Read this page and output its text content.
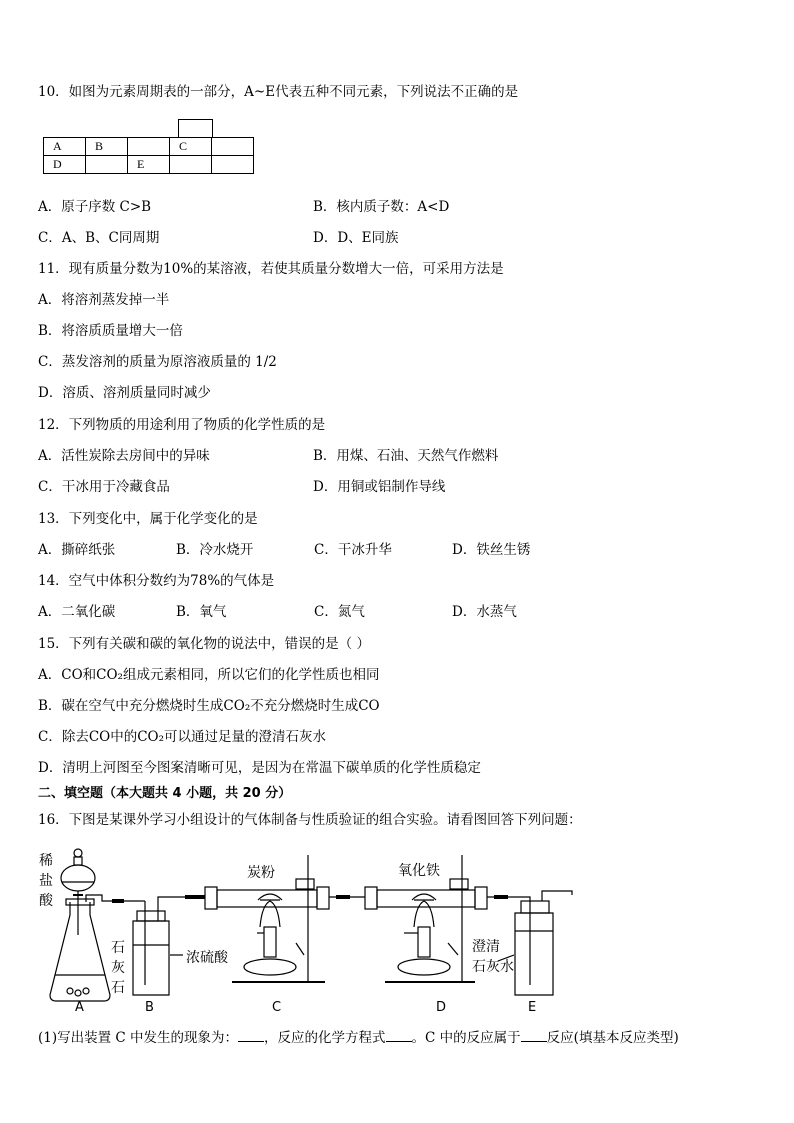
10．如图为元素周期表的一部分，A~E代表五种不同元素，下列说法不正确的是
A	B		C	
D		E		
A．原子序数 C>B	B．核内质子数：A<D
C．A、B、C同周期	D．D、E同族
11．现有质量分数为10%的某溶液，若使其质量分数增大一倍，可采用方法是
A．将溶剂蒸发掉一半
B．将溶质质量增大一倍
C．蒸发溶剂的质量为原溶液质量的 1/2
D．溶质、溶剂质量同时减少
12．下列物质的用途利用了物质的化学性质的是
A．活性炭除去房间中的异味	B．用煤、石油、天然气作燃料
C．干冰用于冷藏食品	D．用铜或铝制作导线
13．下列变化中，属于化学变化的是
A．撕碎纸张	B．冷水烧开	C．干冰升华	D．铁丝生锈
14．空气中体积分数约为78%的气体是
A．二氧化碳	B．氧气	C．氮气	D．水蒸气
15．下列有关碳和碳的氧化物的说法中，错误的是（ ）
A．CO和CO₂组成元素相同，所以它们的化学性质也相同
B．碳在空气中充分燃烧时生成CO₂不充分燃烧时生成CO
C．除去CO中的CO₂可以通过足量的澄清石灰水
D．清明上河图至今图案清晰可见，是因为在常温下碳单质的化学性质稳定
二、填空题（本大题共 4 小题，共 20 分）
16．下图是某课外学习小组设计的气体制备与性质验证的组合实验。请看图回答下列问题：
稀
盐
酸
A
石
灰
石
浓硫酸
B
炭粉
C
氧化铁
D
澄清
石灰水
E
(1)写出装置 C 中发生的现象为： ，反应的化学方程式 。C 中的反应属于 反应(填基本反应类型)
